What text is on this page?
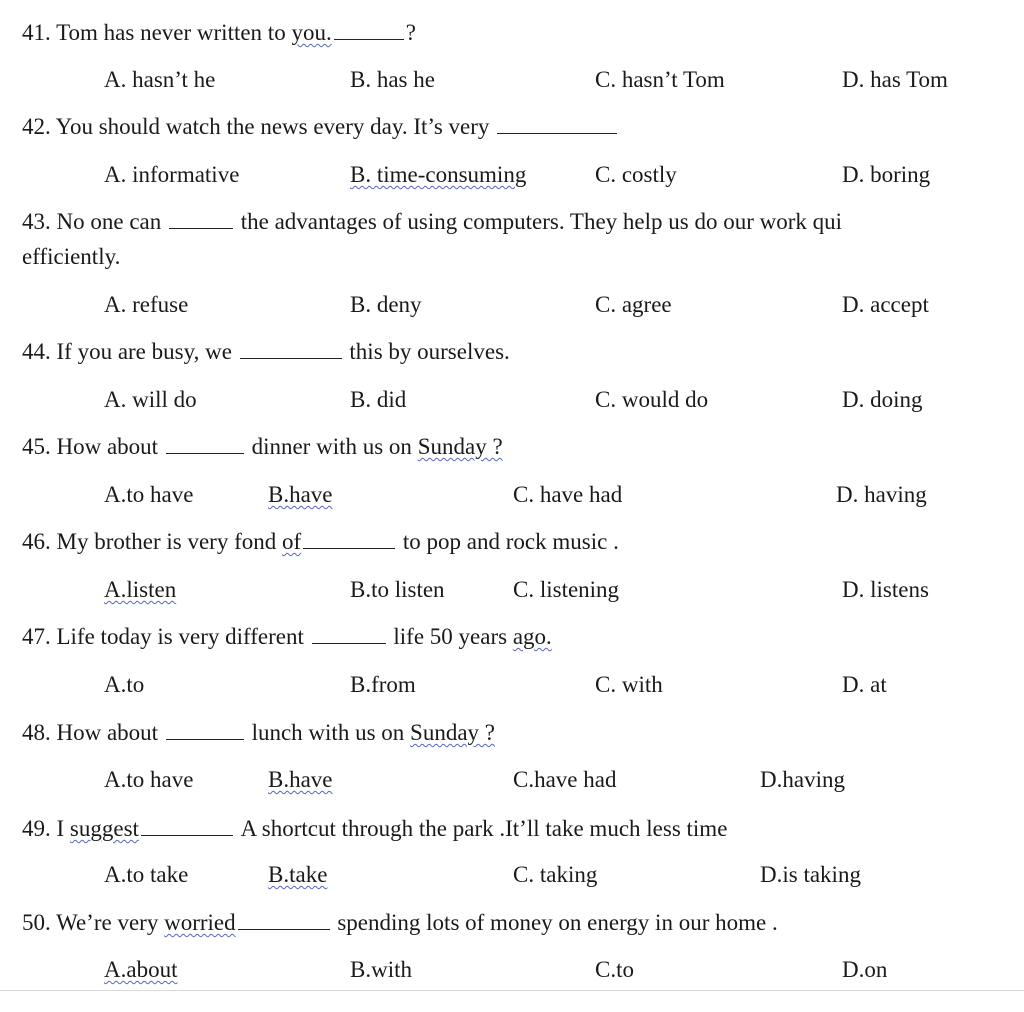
41. Tom has never written to you.	?
A. hasn’t he	B. has he	C. hasn’t Tom	D. has Tom
42. You should watch the news every day. It’s very
A. informative	B. time-consuming	C. costly	D. boring
43. No one can	the advantages of using computers. They help us do our work qui
efficiently.
A. refuse	B. deny	C. agree	D. accept
44. If you are busy, we	this by ourselves.
A. will do	B. did	C. would do	D. doing
45. How about	dinner with us on Sunday ?
A.to have	B.have	C. have had	D. having
46. My brother is very fond of	to pop and rock music .
A.listen	B.to listen	C. listening	D. listens
47. Life today is very different	life 50 years ago.
A.to	B.from	C. with	D. at
48. How about	lunch with us on Sunday ?
A.to have	B.have	C.have had	D.having
49. I suggest	A shortcut through the park .It’ll take much less time
A.to take	B.take	C. taking	D.is taking
50. We’re very worried	spending lots of money on energy in our home .
A.about	B.with	C.to	D.on
